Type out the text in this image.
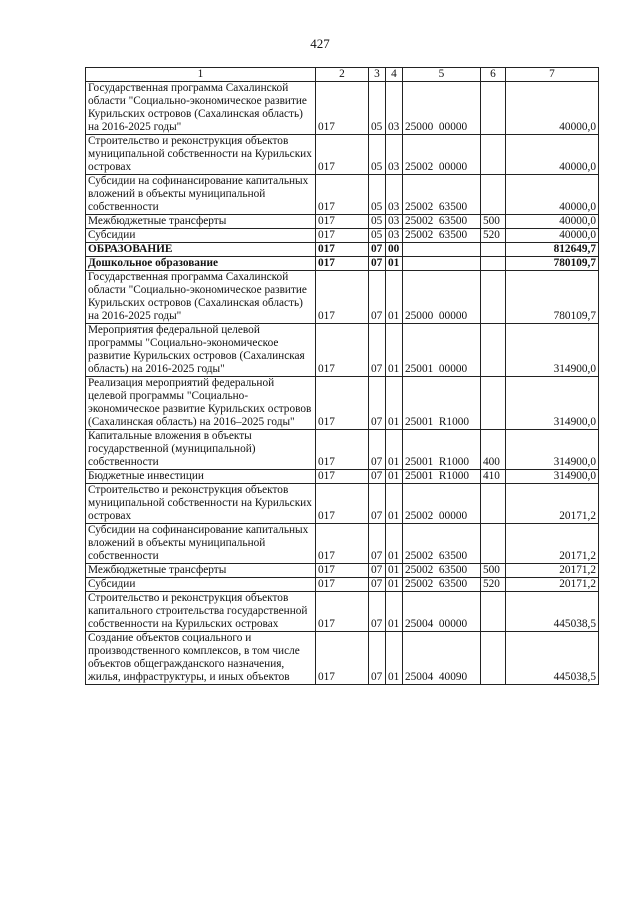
427
1	2	3	4	5	6	7
Государственная программа Сахалинской области "Социально-экономическое развитие Курильских островов (Сахалинская область) на 2016-2025 годы"	017	05	03	25000  00000		40000,0
Строительство и реконструкция объектов муниципальной собственности на Курильских островах	017	05	03	25002  00000		40000,0
Субсидии на софинансирование капитальных вложений в объекты муниципальной собственности	017	05	03	25002  63500		40000,0
Межбюджетные трансферты	017	05	03	25002  63500	500	40000,0
Субсидии	017	05	03	25002  63500	520	40000,0
ОБРАЗОВАНИЕ	017	07	00			812649,7
Дошкольное образование	017	07	01			780109,7
Государственная программа Сахалинской области "Социально-экономическое развитие Курильских островов (Сахалинская область) на 2016-2025 годы"	017	07	01	25000  00000		780109,7
Мероприятия федеральной целевой программы "Социально-экономическое развитие Курильских островов (Сахалинская область) на 2016-2025 годы"	017	07	01	25001  00000		314900,0
Реализация мероприятий федеральной целевой программы "Социально-экономическое развитие Курильских островов (Сахалинская область) на 2016–2025 годы"	017	07	01	25001  R1000		314900,0
Капитальные вложения в объекты государственной (муниципальной) собственности	017	07	01	25001  R1000	400	314900,0
Бюджетные инвестиции	017	07	01	25001  R1000	410	314900,0
Строительство и реконструкция объектов муниципальной собственности на Курильских островах	017	07	01	25002  00000		20171,2
Субсидии на софинансирование капитальных вложений в объекты муниципальной собственности	017	07	01	25002  63500		20171,2
Межбюджетные трансферты	017	07	01	25002  63500	500	20171,2
Субсидии	017	07	01	25002  63500	520	20171,2
Строительство и реконструкция объектов капитального строительства государственной собственности на Курильских островах	017	07	01	25004  00000		445038,5
Создание объектов социального и производственного комплексов, в том числе объектов общегражданского назначения, жилья, инфраструктуры, и иных объектов	017	07	01	25004  40090		445038,5
